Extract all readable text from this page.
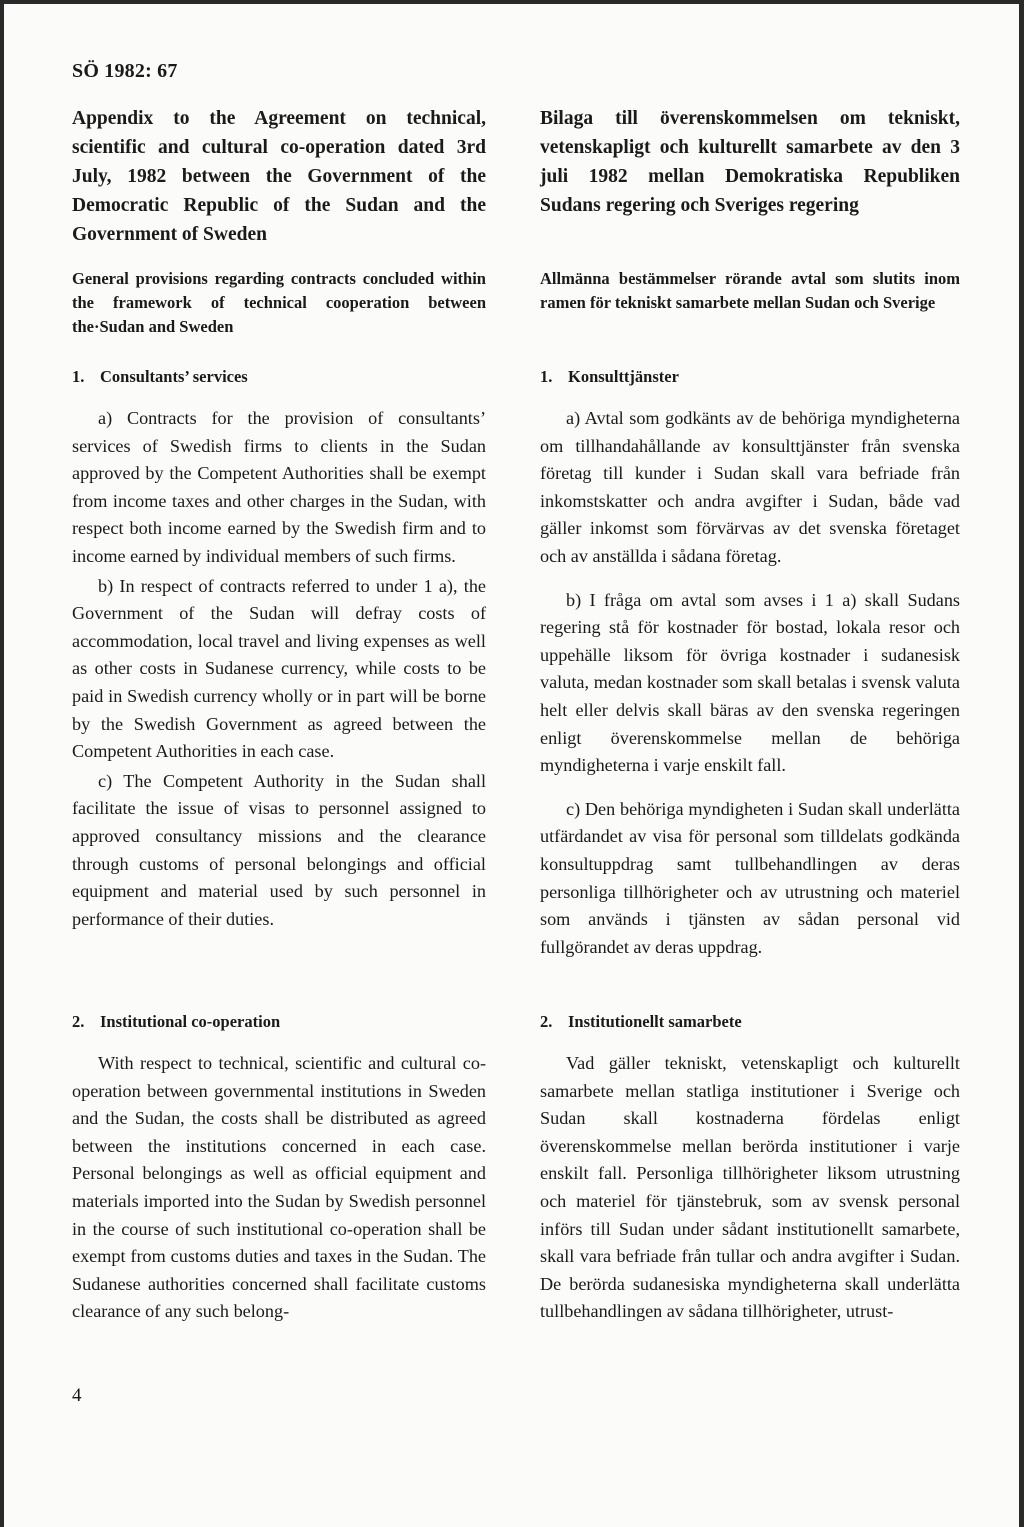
SÖ 1982: 67
Appendix to the Agreement on technical, scientific and cultural co-operation dated 3rd July, 1982 between the Government of the Democratic Republic of the Sudan and the Government of Sweden
General provisions regarding contracts concluded within the framework of technical cooperation between the·Sudan and Sweden
1. Consultants’ services

a) Contracts for the provision of consultants’ services of Swedish firms to clients in the Sudan approved by the Competent Authorities shall be exempt from income taxes and other charges in the Sudan, with respect both income earned by the Swedish firm and to income earned by individual members of such firms.

b) In respect of contracts referred to under 1 a), the Government of the Sudan will defray costs of accommodation, local travel and living expenses as well as other costs in Sudanese currency, while costs to be paid in Swedish currency wholly or in part will be borne by the Swedish Government as agreed between the Competent Authorities in each case.

c) The Competent Authority in the Sudan shall facilitate the issue of visas to personnel assigned to approved consultancy missions and the clearance through customs of personal belongings and official equipment and material used by such personnel in performance of their duties.

Bilaga till överenskommelsen om tekniskt, vetenskapligt och kulturellt samarbete av den 3 juli 1982 mellan Demokratiska Republiken Sudans regering och Sveriges regering
Allmänna bestämmelser rörande avtal som slutits inom ramen för tekniskt samarbete mellan Sudan och Sverige
1. Konsulttjänster

a) Avtal som godkänts av de behöriga myndigheterna om tillhandahållande av konsulttjänster från svenska företag till kunder i Sudan skall vara befriade från inkomstskatter och andra avgifter i Sudan, både vad gäller inkomst som förvärvas av det svenska företaget och av anställda i sådana företag.

b) I fråga om avtal som avses i 1 a) skall Sudans regering stå för kostnader för bostad, lokala resor och uppehälle liksom för övriga kostnader i sudanesisk valuta, medan kostnader som skall betalas i svensk valuta helt eller delvis skall bäras av den svenska regeringen enligt överenskommelse mellan de behöriga myndigheterna i varje enskilt fall.

c) Den behöriga myndigheten i Sudan skall underlätta utfärdandet av visa för personal som tilldelats godkända konsultuppdrag samt tullbehandlingen av deras personliga tillhörigheter och av utrustning och materiel som används i tjänsten av sådan personal vid fullgörandet av deras uppdrag.

2. Institutional co-operation

With respect to technical, scientific and cultural co-operation between governmental institutions in Sweden and the Sudan, the costs shall be distributed as agreed between the institutions concerned in each case. Personal belongings as well as official equipment and materials imported into the Sudan by Swedish personnel in the course of such institutional co-operation shall be exempt from customs duties and taxes in the Sudan. The Sudanese authorities concerned shall facilitate customs clearance of any such belong-

2. Institutionellt samarbete

Vad gäller tekniskt, vetenskapligt och kulturellt samarbete mellan statliga institutioner i Sverige och Sudan skall kostnaderna fördelas enligt överenskommelse mellan berörda institutioner i varje enskilt fall. Personliga tillhörigheter liksom utrustning och materiel för tjänstebruk, som av svensk personal införs till Sudan under sådant institutionellt samarbete, skall vara befriade från tullar och andra avgifter i Sudan. De berörda sudanesiska myndigheterna skall underlätta tullbehandlingen av sådana tillhörigheter, utrust-

4
